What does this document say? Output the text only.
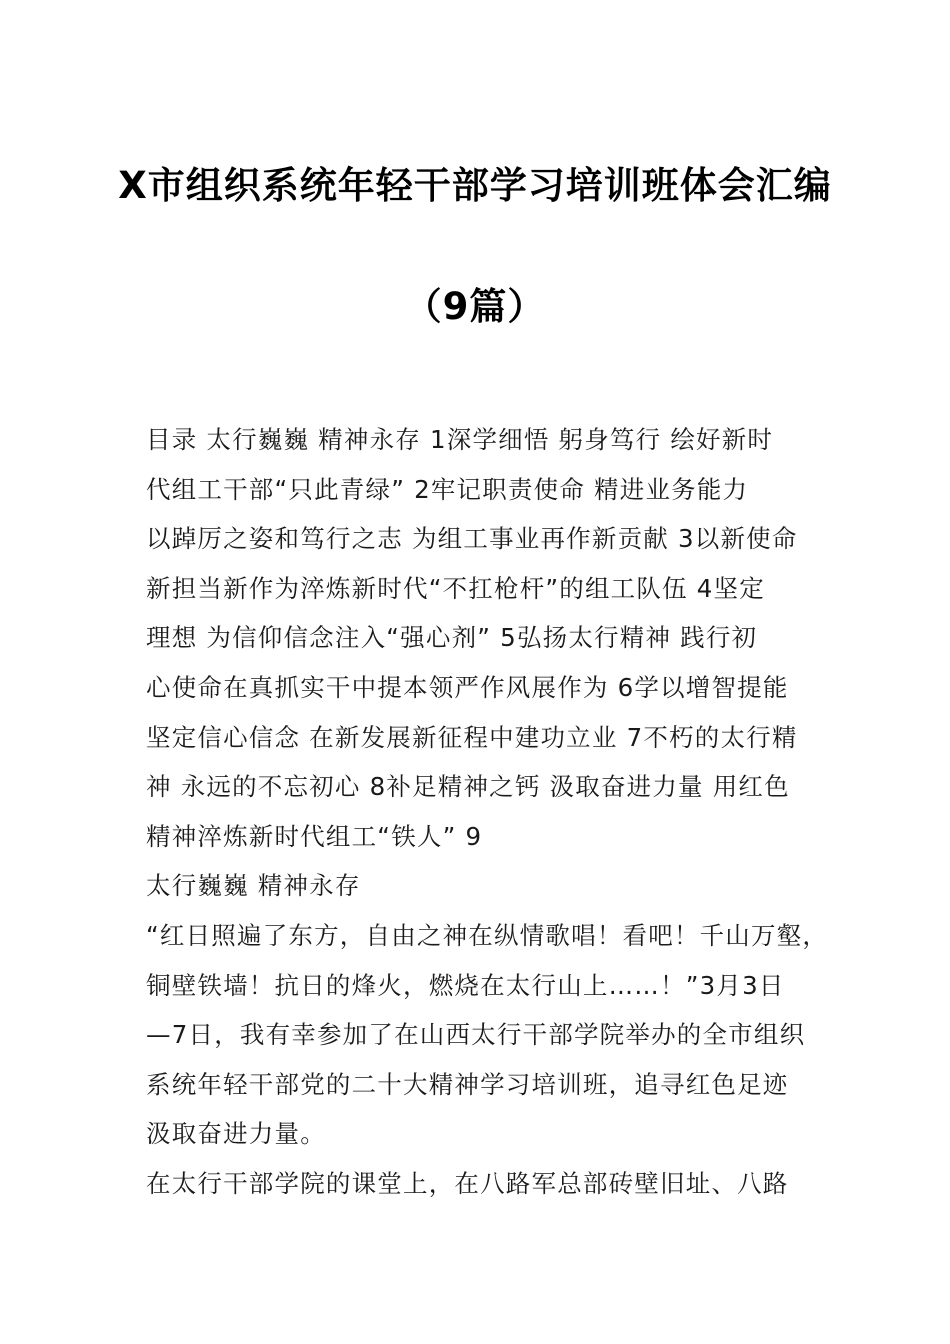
X市组织系统年轻干部学习培训班体会汇编
（9篇）
目录 太行巍巍 精神永存 1深学细悟 躬身笃行 绘好新时
代组工干部“只此青绿” 2牢记职责使命 精进业务能力
以踔厉之姿和笃行之志 为组工事业再作新贡献 3以新使命
新担当新作为淬炼新时代“不扛枪杆”的组工队伍 4坚定
理想 为信仰信念注入“强心剂” 5弘扬太行精神 践行初
心使命在真抓实干中提本领严作风展作为 6学以增智提能
坚定信心信念 在新发展新征程中建功立业 7不朽的太行精
神 永远的不忘初心 8补足精神之钙 汲取奋进力量 用红色
精神淬炼新时代组工“铁人” 9
太行巍巍 精神永存
“红日照遍了东方，自由之神在纵情歌唱！看吧！千山万壑，
铜壁铁墙！抗日的烽火，燃烧在太行山上……！”3月3日
—7日，我有幸参加了在山西太行干部学院举办的全市组织
系统年轻干部党的二十大精神学习培训班，追寻红色足迹
汲取奋进力量。
在太行干部学院的课堂上，在八路军总部砖壁旧址、八路
